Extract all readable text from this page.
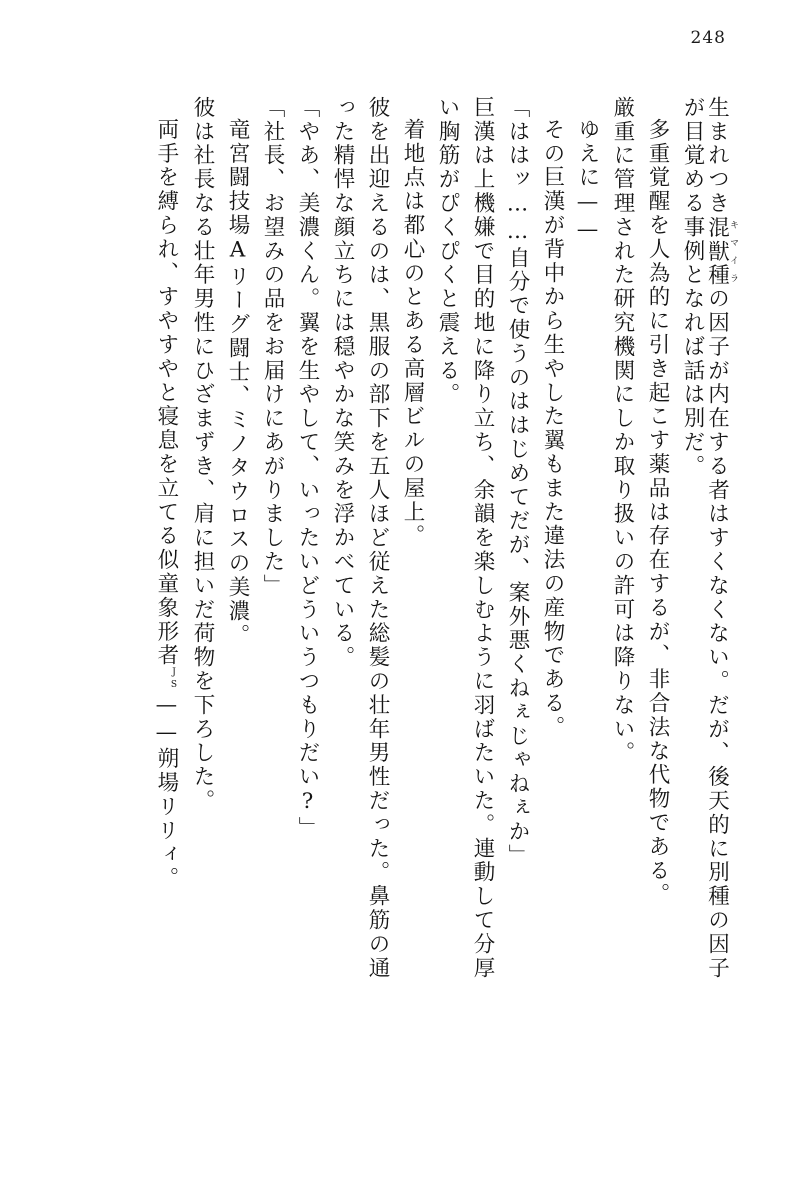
248
生まれつき混獣種キマイラの因子が内在する者はすくなくない。だが、後天的に別種の因子
が目覚める事例となれば話は別だ。
多重覚醒を人為的に引き起こす薬品は存在するが、非合法な代物である。
厳重に管理された研究機関にしか取り扱いの許可は降りない。
ゆえに——
その巨漢が背中から生やした翼もまた違法の産物である。
「ははッ……自分で使うのははじめてだが、案外悪くねぇじゃねぇか」
巨漢は上機嫌で目的地に降り立ち、余韻を楽しむように羽ばたいた。連動して分厚
い胸筋がぴくぴくと震える。
着地点は都心のとある高層ビルの屋上。
彼を出迎えるのは、黒服の部下を五人ほど従えた総髪の壮年男性だった。鼻筋の通
った精悍な顔立ちには穏やかな笑みを浮かべている。
「やあ、美濃くん。翼を生やして、いったいどういうつもりだい?」
「社長、お望みの品をお届けにあがりました」
竜宮闘技場Aリーグ闘士、ミノタウロスの美濃。
彼は社長なる壮年男性にひざまずき、肩に担いだ荷物を下ろした。
両手を縛られ、すやすやと寝息を立てる似童象形者$^{JS}$——朔場リリィ。
